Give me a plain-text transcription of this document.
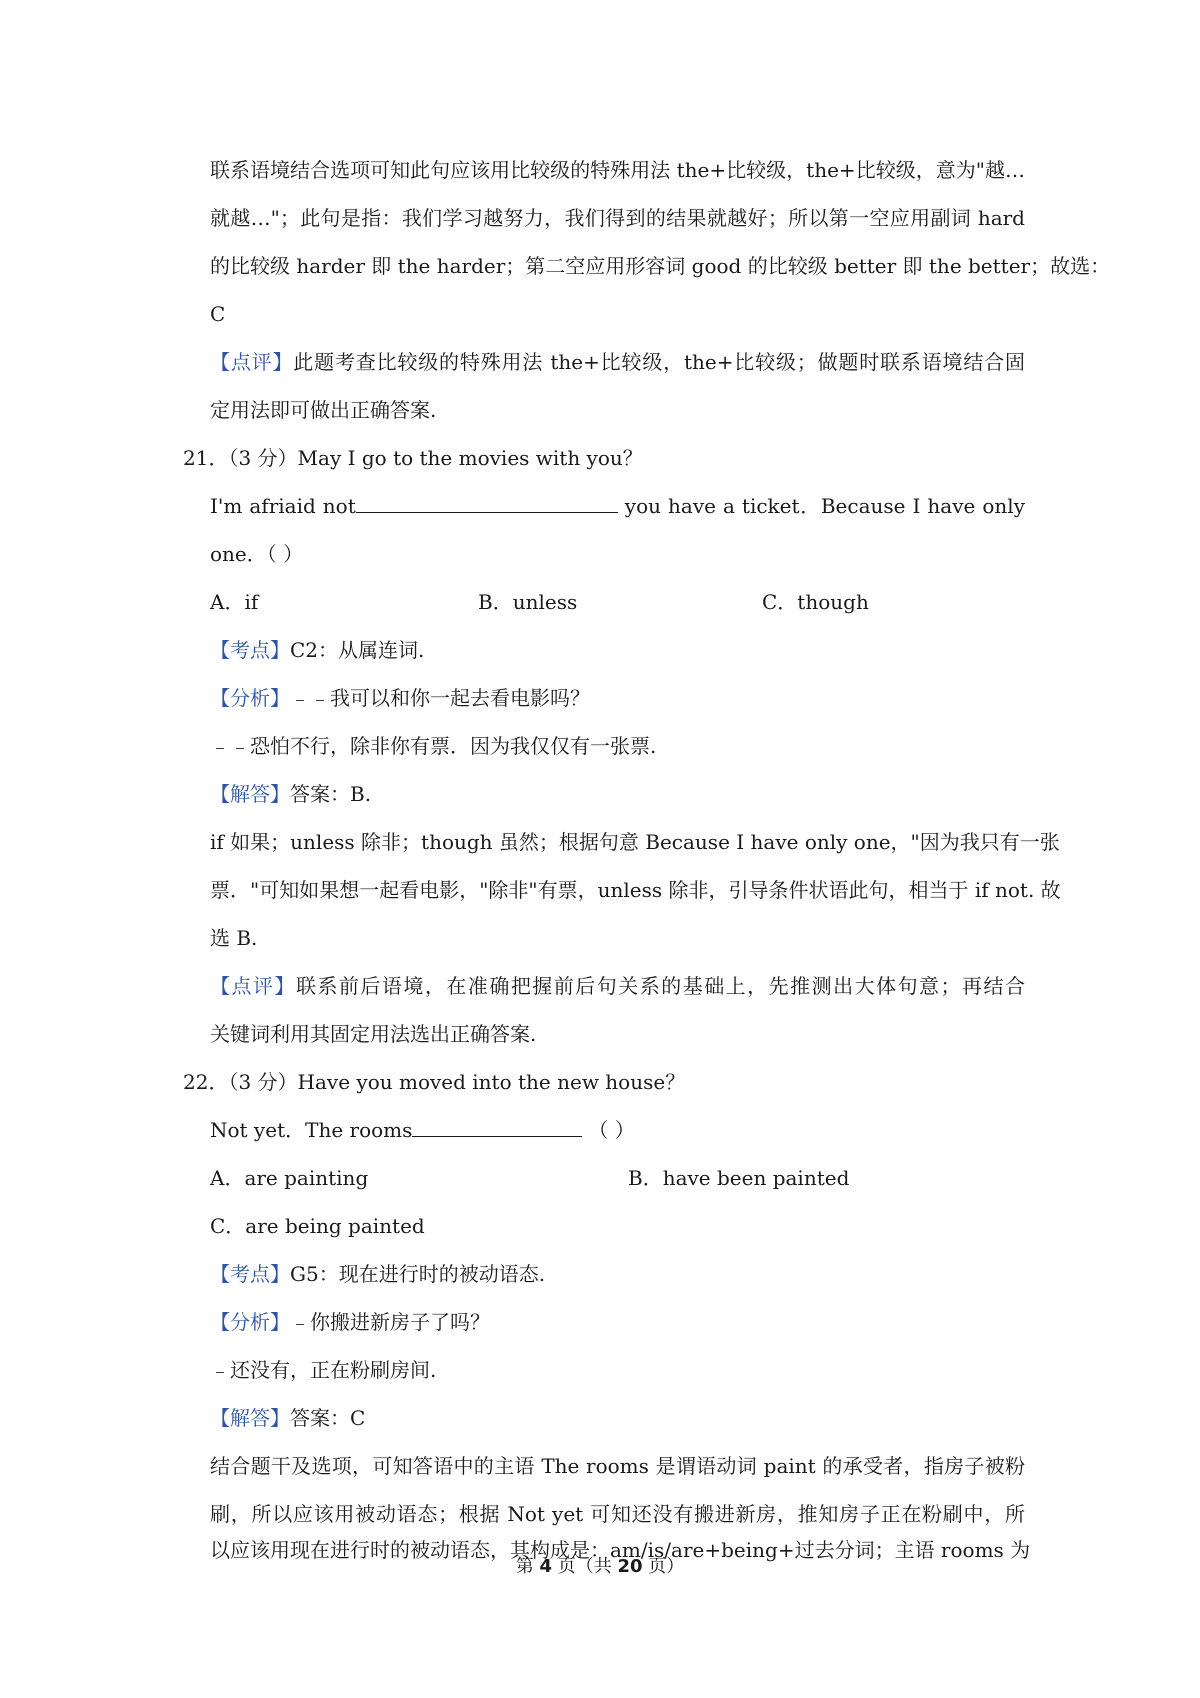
联系语境结合选项可知此句应该用比较级的特殊用法 the+比较级，the+比较级，意为"越…
就越…"；此句是指：我们学习越努力，我们得到的结果就越好；所以第一空应用副词 hard
的比较级 harder 即 the harder；第二空应用形容词 good 的比较级 better 即 the better；故选：
C
【点评】此题考查比较级的特殊用法 the+比较级，the+比较级；做题时联系语境结合固
定用法即可做出正确答案.
21．（3 分）May I go to the movies with you？
I'm afriaid not	you have a ticket．Because I have only
one．（ ）
A．if	B．unless	C．though
【考点】C2：从属连词.
【分析】﹣﹣我可以和你一起去看电影吗？
﹣﹣恐怕不行，除非你有票．因为我仅仅有一张票.
【解答】答案：B.
if 如果；unless 除非；though 虽然；根据句意 Because I have only one，"因为我只有一张
票．"可知如果想一起看电影，"除非"有票，unless 除非，引导条件状语此句，相当于 if not. 故
选 B.
【点评】联系前后语境，在准确把握前后句关系的基础上，先推测出大体句意；再结合
关键词利用其固定用法选出正确答案.
22．（3 分）Have you moved into the new house？
Not yet．The rooms	（ ）
A．are painting	B．have been painted
C．are being painted
【考点】G5：现在进行时的被动语态.
【分析】﹣你搬进新房子了吗？
﹣还没有，正在粉刷房间.
【解答】答案：C
结合题干及选项，可知答语中的主语 The rooms 是谓语动词 paint 的承受者，指房子被粉
刷，所以应该用被动语态；根据 Not yet 可知还没有搬进新房，推知房子正在粉刷中，所
以应该用现在进行时的被动语态，其构成是：am/is/are+being+过去分词；主语 rooms 为
第 4 页（共 20 页）
